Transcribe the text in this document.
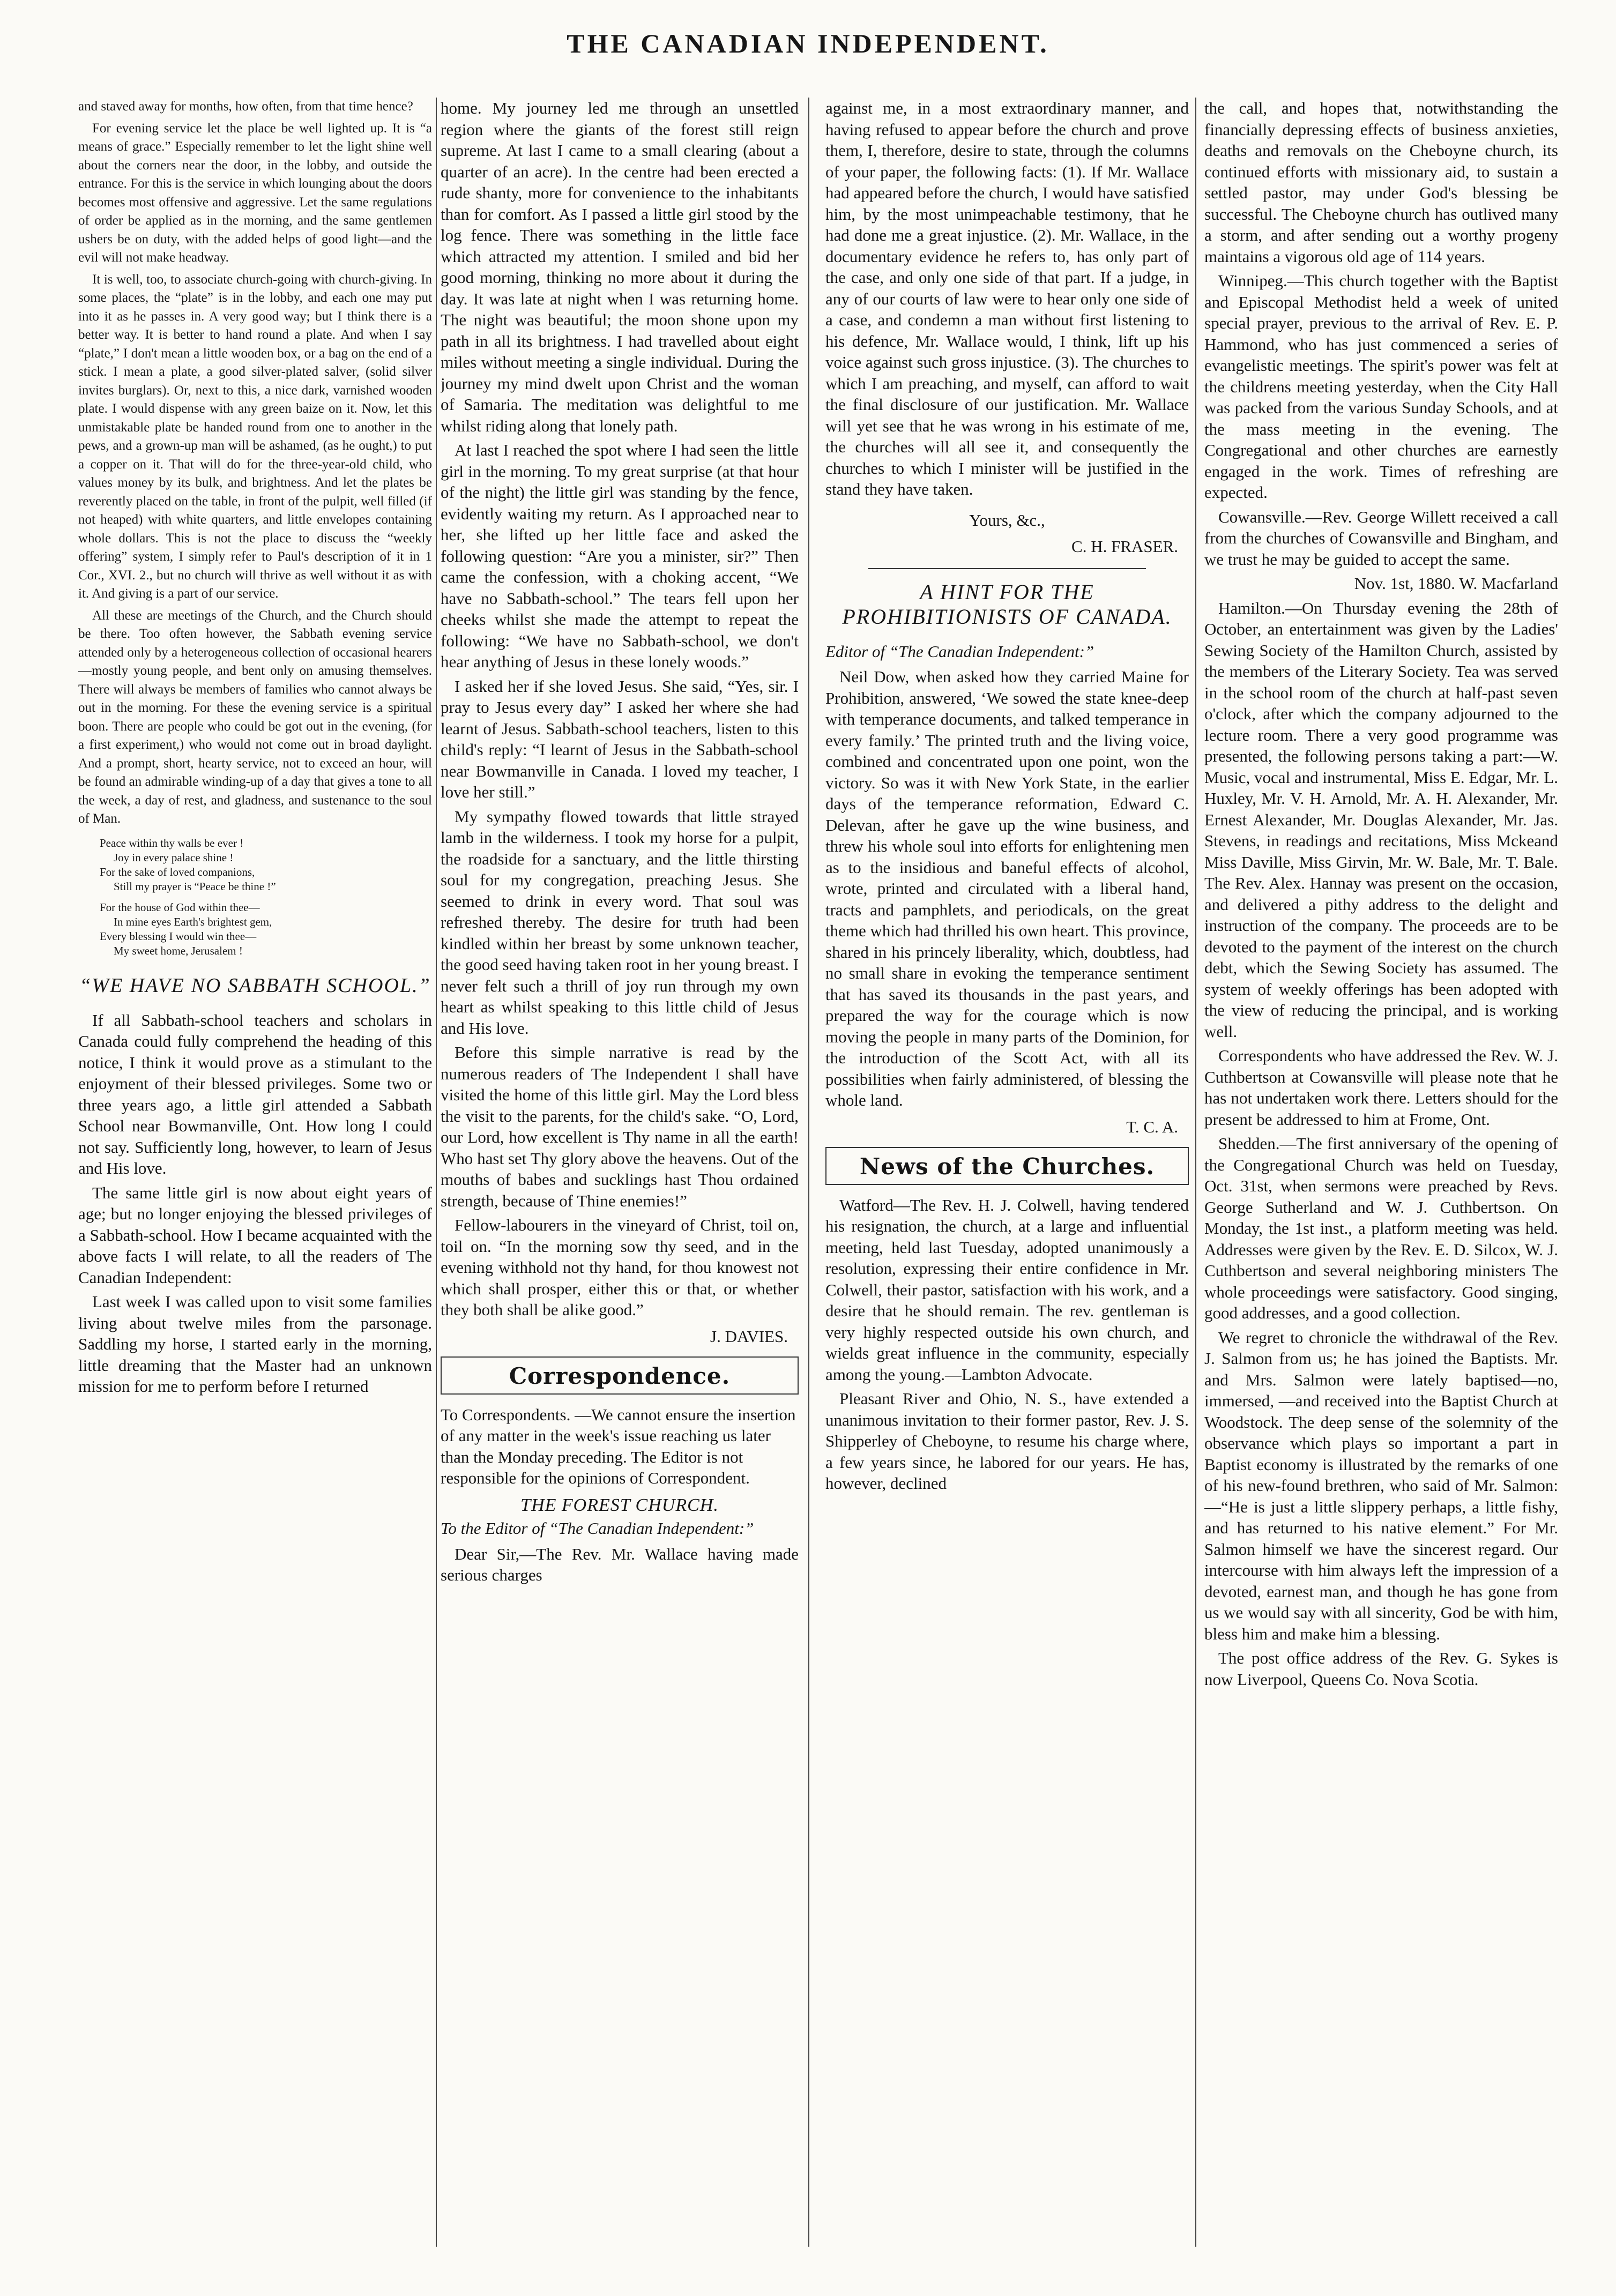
THE CANADIAN INDEPENDENT.

and staved away for months, how often, from that time hence?

For evening service let the place be well lighted up. It is “a means of grace.” Especially remember to let the light shine well about the corners near the door, in the lobby, and outside the entrance. For this is the service in which lounging about the doors becomes most offensive and aggressive. Let the same regulations of order be applied as in the morning, and the same gentlemen ushers be on duty, with the added helps of good light—and the evil will not make headway.

It is well, too, to associate church-going with church-giving. In some places, the “plate” is in the lobby, and each one may put into it as he passes in. A very good way; but I think there is a better way. It is better to hand round a plate. And when I say “plate,” I don't mean a little wooden box, or a bag on the end of a stick. I mean a plate, a good silver-plated salver, (solid silver invites burglars). Or, next to this, a nice dark, varnished wooden plate. I would dispense with any green baize on it. Now, let this unmistakable plate be handed round from one to another in the pews, and a grown-up man will be ashamed, (as he ought,) to put a copper on it. That will do for the three-year-old child, who values money by its bulk, and brightness. And let the plates be reverently placed on the table, in front of the pulpit, well filled (if not heaped) with white quarters, and little envelopes containing whole dollars. This is not the place to discuss the “weekly offering” system, I simply refer to Paul's description of it in 1 Cor., XVI. 2., but no church will thrive as well without it as with it. And giving is a part of our service.

All these are meetings of the Church, and the Church should be there. Too often however, the Sabbath evening service attended only by a heterogeneous collection of occasional hearers—mostly young people, and bent only on amusing themselves. There will always be members of families who cannot always be out in the morning. For these the evening service is a spiritual boon. There are people who could be got out in the evening, (for a first experiment,) who would not come out in broad daylight. And a prompt, short, hearty service, not to exceed an hour, will be found an admirable winding-up of a day that gives a tone to all the week, a day of rest, and gladness, and sustenance to the soul of Man.

Peace within thy walls be ever !
Joy in every palace shine !
For the sake of loved companions,
Still my prayer is “Peace be thine !”
For the house of God within thee—
In mine eyes Earth's brightest gem,
Every blessing I would win thee—
My sweet home, Jerusalem !
“WE HAVE NO SABBATH SCHOOL.”

If all Sabbath-school teachers and scholars in Canada could fully comprehend the heading of this notice, I think it would prove as a stimulant to the enjoyment of their blessed privileges. Some two or three years ago, a little girl attended a Sabbath School near Bowmanville, Ont. How long I could not say. Sufficiently long, however, to learn of Jesus and His love.

The same little girl is now about eight years of age; but no longer enjoying the blessed privileges of a Sabbath-school. How I became acquainted with the above facts I will relate, to all the readers of The Canadian Independent:

Last week I was called upon to visit some families living about twelve miles from the parsonage. Saddling my horse, I started early in the morning, little dreaming that the Master had an unknown mission for me to perform before I returned

home. My journey led me through an unsettled region where the giants of the forest still reign supreme. At last I came to a small clearing (about a quarter of an acre). In the centre had been erected a rude shanty, more for convenience to the inhabitants than for comfort. As I passed a little girl stood by the log fence. There was something in the little face which attracted my attention. I smiled and bid her good morning, thinking no more about it during the day. It was late at night when I was returning home. The night was beautiful; the moon shone upon my path in all its brightness. I had travelled about eight miles without meeting a single individual. During the journey my mind dwelt upon Christ and the woman of Samaria. The meditation was delightful to me whilst riding along that lonely path.

At last I reached the spot where I had seen the little girl in the morning. To my great surprise (at that hour of the night) the little girl was standing by the fence, evidently waiting my return. As I approached near to her, she lifted up her little face and asked the following question: “Are you a minister, sir?” Then came the confession, with a choking accent, “We have no Sabbath-school.” The tears fell upon her cheeks whilst she made the attempt to repeat the following: “We have no Sabbath-school, we don't hear anything of Jesus in these lonely woods.”

I asked her if she loved Jesus. She said, “Yes, sir. I pray to Jesus every day” I asked her where she had learnt of Jesus. Sabbath-school teachers, listen to this child's reply: “I learnt of Jesus in the Sabbath-school near Bowmanville in Canada. I loved my teacher, I love her still.”

My sympathy flowed towards that little strayed lamb in the wilderness. I took my horse for a pulpit, the roadside for a sanctuary, and the little thirsting soul for my congregation, preaching Jesus. She seemed to drink in every word. That soul was refreshed thereby. The desire for truth had been kindled within her breast by some unknown teacher, the good seed having taken root in her young breast. I never felt such a thrill of joy run through my own heart as whilst speaking to this little child of Jesus and His love.

Before this simple narrative is read by the numerous readers of The Independent I shall have visited the home of this little girl. May the Lord bless the visit to the parents, for the child's sake. “O, Lord, our Lord, how excellent is Thy name in all the earth! Who hast set Thy glory above the heavens. Out of the mouths of babes and sucklings hast Thou ordained strength, because of Thine enemies!”

Fellow-labourers in the vineyard of Christ, toil on, toil on. “In the morning sow thy seed, and in the evening withhold not thy hand, for thou knowest not which shall prosper, either this or that, or whether they both shall be alike good.”

J. DAVIES.

Correspondence.

To Correspondents. —We cannot ensure the insertion of any matter in the week's issue reaching us later than the Monday preceding. The Editor is not responsible for the opinions of Correspondent.

THE FOREST CHURCH.

To the Editor of “The Canadian Independent:”

Dear Sir,—The Rev. Mr. Wallace having made serious charges

against me, in a most extraordinary manner, and having refused to appear before the church and prove them, I, therefore, desire to state, through the columns of your paper, the following facts: (1). If Mr. Wallace had appeared before the church, I would have satisfied him, by the most unimpeachable testimony, that he had done me a great injustice. (2). Mr. Wallace, in the documentary evidence he refers to, has only part of the case, and only one side of that part. If a judge, in any of our courts of law were to hear only one side of a case, and condemn a man without first listening to his defence, Mr. Wallace would, I think, lift up his voice against such gross injustice. (3). The churches to which I am preaching, and myself, can afford to wait the final disclosure of our justification. Mr. Wallace will yet see that he was wrong in his estimate of me, the churches will all see it, and consequently the churches to which I minister will be justified in the stand they have taken.

Yours, &c.,

C. H. FRASER.

A HINT FOR THE PROHIBITIONISTS OF CANADA.

Editor of “The Canadian Independent:”

Neil Dow, when asked how they carried Maine for Prohibition, answered, ‘We sowed the state knee-deep with temperance documents, and talked temperance in every family.’ The printed truth and the living voice, combined and concentrated upon one point, won the victory. So was it with New York State, in the earlier days of the temperance reformation, Edward C. Delevan, after he gave up the wine business, and threw his whole soul into efforts for enlightening men as to the insidious and baneful effects of alcohol, wrote, printed and circulated with a liberal hand, tracts and pamphlets, and periodicals, on the great theme which had thrilled his own heart. This province, shared in his princely liberality, which, doubtless, had no small share in evoking the temperance sentiment that has saved its thousands in the past years, and prepared the way for the courage which is now moving the people in many parts of the Dominion, for the introduction of the Scott Act, with all its possibilities when fairly administered, of blessing the whole land.

T. C. A.

News of the Churches.

Watford—The Rev. H. J. Colwell, having tendered his resignation, the church, at a large and influential meeting, held last Tuesday, adopted unanimously a resolution, expressing their entire confidence in Mr. Colwell, their pastor, satisfaction with his work, and a desire that he should remain. The rev. gentleman is very highly respected outside his own church, and wields great influence in the community, especially among the young.—Lambton Advocate.

Pleasant River and Ohio, N. S., have extended a unanimous invitation to their former pastor, Rev. J. S. Shipperley of Cheboyne, to resume his charge where, a few years since, he labored for our years. He has, however, declined

the call, and hopes that, notwithstanding the financially depressing effects of business anxieties, deaths and removals on the Cheboyne church, its continued efforts with missionary aid, to sustain a settled pastor, may under God's blessing be successful. The Cheboyne church has outlived many a storm, and after sending out a worthy progeny maintains a vigorous old age of 114 years.

Winnipeg.—This church together with the Baptist and Episcopal Methodist held a week of united special prayer, previous to the arrival of Rev. E. P. Hammond, who has just commenced a series of evangelistic meetings. The spirit's power was felt at the childrens meeting yesterday, when the City Hall was packed from the various Sunday Schools, and at the mass meeting in the evening. The Congregational and other churches are earnestly engaged in the work. Times of refreshing are expected.

Cowansville.—Rev. George Willett received a call from the churches of Cowansville and Bingham, and we trust he may be guided to accept the same.

Nov. 1st, 1880. W. Macfarland

Hamilton.—On Thursday evening the 28th of October, an entertainment was given by the Ladies' Sewing Society of the Hamilton Church, assisted by the members of the Literary Society. Tea was served in the school room of the church at half-past seven o'clock, after which the company adjourned to the lecture room. There a very good programme was presented, the following persons taking a part:—W. Music, vocal and instrumental, Miss E. Edgar, Mr. L. Huxley, Mr. V. H. Arnold, Mr. A. H. Alexander, Mr. Ernest Alexander, Mr. Douglas Alexander, Mr. Jas. Stevens, in readings and recitations, Miss Mckeand Miss Daville, Miss Girvin, Mr. W. Bale, Mr. T. Bale. The Rev. Alex. Hannay was present on the occasion, and delivered a pithy address to the delight and instruction of the company. The proceeds are to be devoted to the payment of the interest on the church debt, which the Sewing Society has assumed. The system of weekly offerings has been adopted with the view of reducing the principal, and is working well.

Correspondents who have addressed the Rev. W. J. Cuthbertson at Cowansville will please note that he has not undertaken work there. Letters should for the present be addressed to him at Frome, Ont.

Shedden.—The first anniversary of the opening of the Congregational Church was held on Tuesday, Oct. 31st, when sermons were preached by Revs. George Sutherland and W. J. Cuthbertson. On Monday, the 1st inst., a platform meeting was held. Addresses were given by the Rev. E. D. Silcox, W. J. Cuthbertson and several neighboring ministers The whole proceedings were satisfactory. Good singing, good addresses, and a good collection.

We regret to chronicle the withdrawal of the Rev. J. Salmon from us; he has joined the Baptists. Mr. and Mrs. Salmon were lately baptised—no, immersed, —and received into the Baptist Church at Woodstock. The deep sense of the solemnity of the observance which plays so important a part in Baptist economy is illustrated by the remarks of one of his new-found brethren, who said of Mr. Salmon:—“He is just a little slippery perhaps, a little fishy, and has returned to his native element.” For Mr. Salmon himself we have the sincerest regard. Our intercourse with him always left the impression of a devoted, earnest man, and though he has gone from us we would say with all sincerity, God be with him, bless him and make him a blessing.

The post office address of the Rev. G. Sykes is now Liverpool, Queens Co. Nova Scotia.
